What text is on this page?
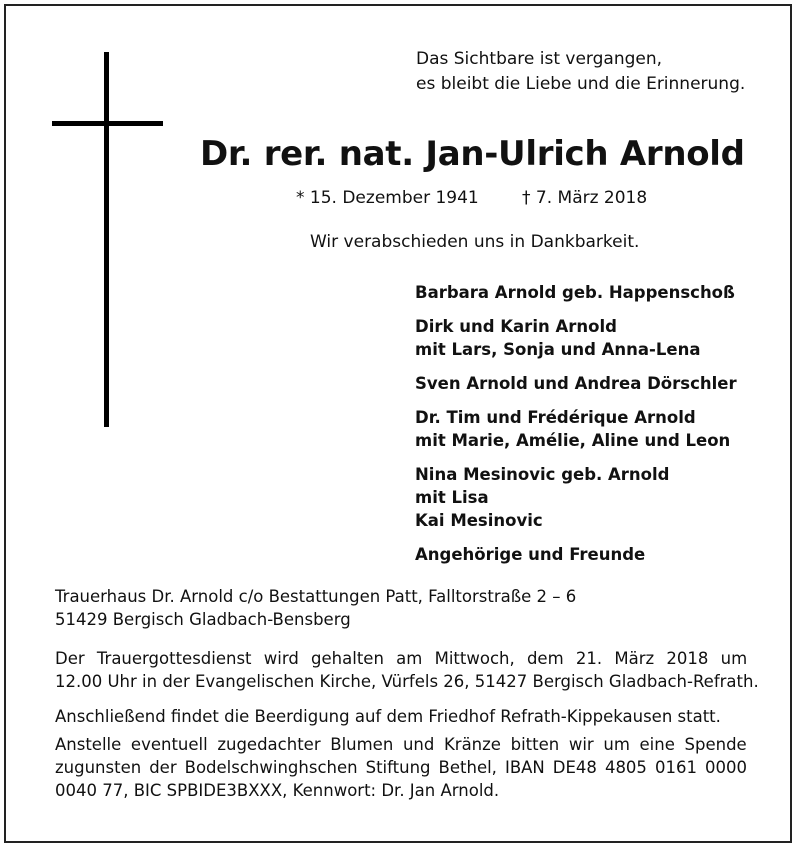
Das Sichtbare ist vergangen,
es bleibt die Liebe und die Erinnerung.
Dr. rer. nat. Jan-Ulrich Arnold
* 15. Dezember 1941	† 7. März 2018
Wir verabschieden uns in Dankbarkeit.
Barbara Arnold geb. Happenschoß
Dirk und Karin Arnold
mit Lars, Sonja und Anna-Lena
Sven Arnold und Andrea Dörschler
Dr. Tim und Frédérique Arnold
mit Marie, Amélie, Aline und Leon
Nina Mesinovic geb. Arnold
mit Lisa
Kai Mesinovic
Angehörige und Freunde
Trauerhaus Dr. Arnold c/o Bestattungen Patt, Falltorstraße 2 – 6
51429 Bergisch Gladbach-Bensberg
Der Trauergottesdienst wird gehalten am Mittwoch, dem 21. März 2018 um
12.00 Uhr in der Evangelischen Kirche, Vürfels 26, 51427 Bergisch Gladbach-Refrath.
Anschließend findet die Beerdigung auf dem Friedhof Refrath-Kippekausen statt.
Anstelle eventuell zugedachter Blumen und Kränze bitten wir um eine Spende
zugunsten der Bodelschwinghschen Stiftung Bethel, IBAN DE48 4805 0161 0000
0040 77, BIC SPBIDE3BXXX, Kennwort: Dr. Jan Arnold.
